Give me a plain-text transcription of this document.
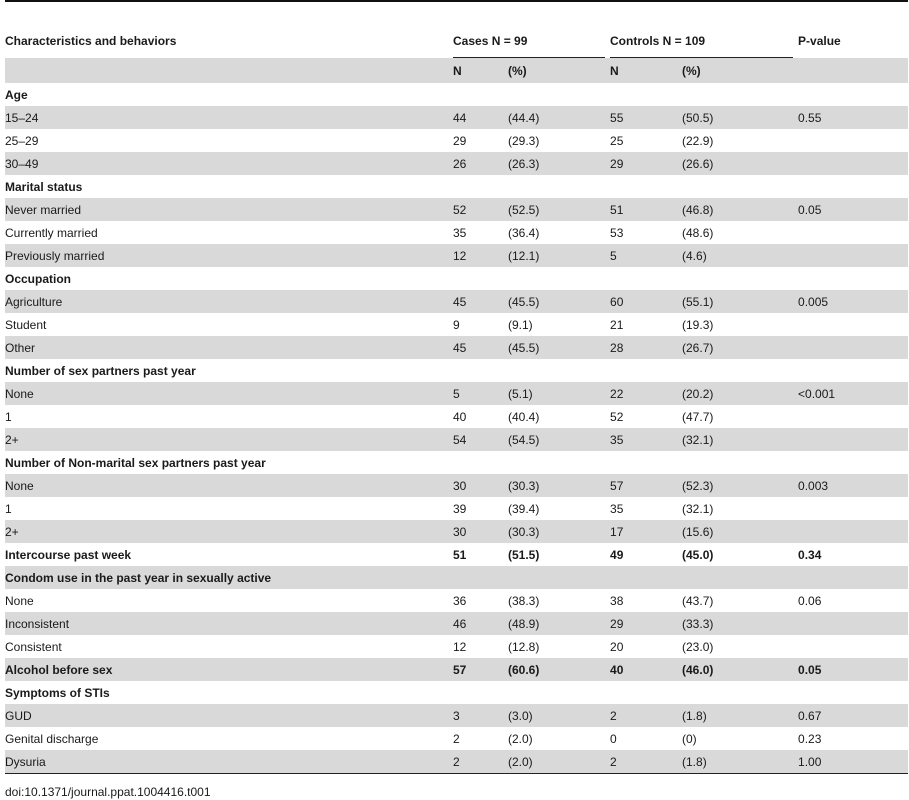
Characteristics and behaviors	Cases N = 99		Controls N = 109		P-value
	N	(%)	N	(%)	
Age					
15–24	44	(44.4)	55	(50.5)	0.55
25–29	29	(29.3)	25	(22.9)	
30–49	26	(26.3)	29	(26.6)	
Marital status					
Never married	52	(52.5)	51	(46.8)	0.05
Currently married	35	(36.4)	53	(48.6)	
Previously married	12	(12.1)	5	(4.6)	
Occupation					
Agriculture	45	(45.5)	60	(55.1)	0.005
Student	9	(9.1)	21	(19.3)	
Other	45	(45.5)	28	(26.7)	
Number of sex partners past year					
None	5	(5.1)	22	(20.2)	<0.001
1	40	(40.4)	52	(47.7)	
2+	54	(54.5)	35	(32.1)	
Number of Non-marital sex partners past year					
None	30	(30.3)	57	(52.3)	0.003
1	39	(39.4)	35	(32.1)	
2+	30	(30.3)	17	(15.6)	
Intercourse past week	51	(51.5)	49	(45.0)	0.34
Condom use in the past year in sexually active					
None	36	(38.3)	38	(43.7)	0.06
Inconsistent	46	(48.9)	29	(33.3)	
Consistent	12	(12.8)	20	(23.0)	
Alcohol before sex	57	(60.6)	40	(46.0)	0.05
Symptoms of STIs					
GUD	3	(3.0)	2	(1.8)	0.67
Genital discharge	2	(2.0)	0	(0)	0.23
Dysuria	2	(2.0)	2	(1.8)	1.00
doi:10.1371/journal.ppat.1004416.t001
